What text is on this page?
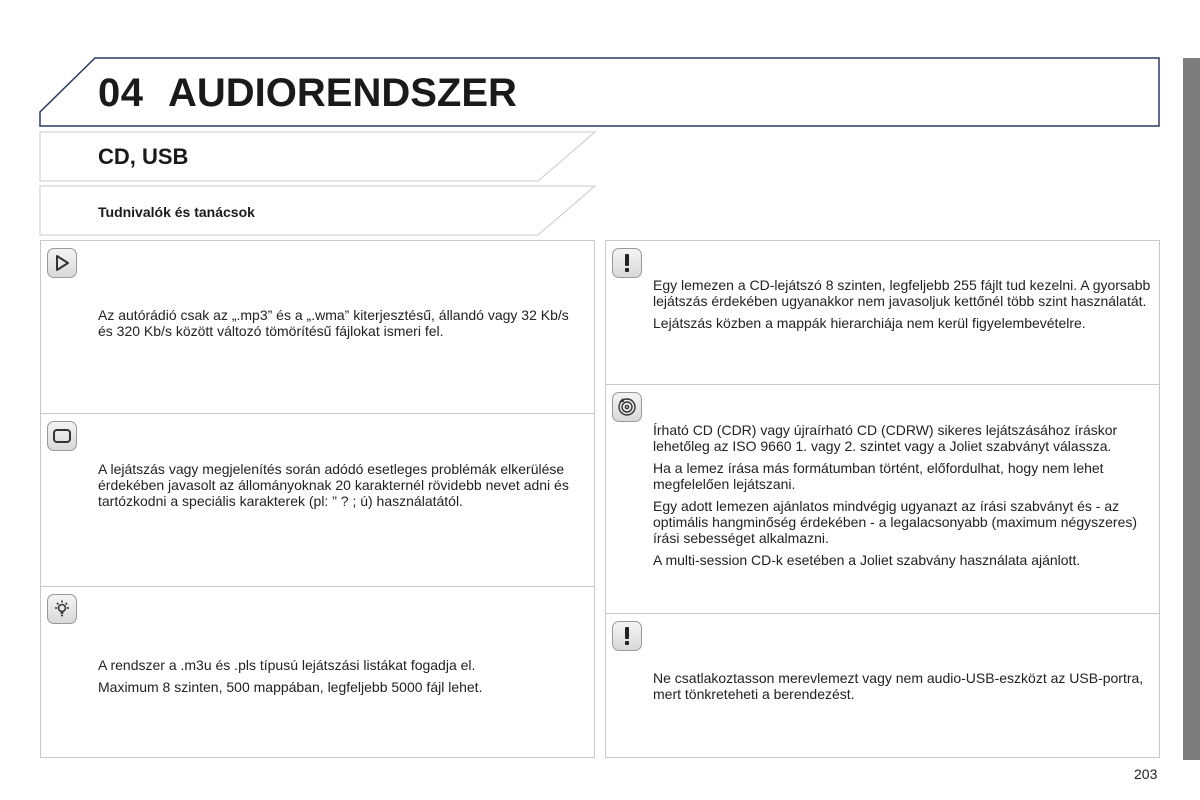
04 AUDIORENDSZER
CD, USB
Tudnivalók és tanácsok

Az autórádió csak az „.mp3” és a „.wma” kiterjesztésű, állandó vagy 32 Kb/s és 320 Kb/s között változó tömörítésű fájlokat ismeri fel.

A lejátszás vagy megjelenítés során adódó esetleges problémák elkerülése érdekében javasolt az állományoknak 20 karakternél rövidebb nevet adni és tartózkodni a speciális karakterek (pl: ” ? ; ú) használatától.

A rendszer a .m3u és .pls típusú lejátszási listákat fogadja el.

Maximum 8 szinten, 500 mappában, legfeljebb 5000 fájl lehet.

Egy lemezen a CD-lejátszó 8 szinten, legfeljebb 255 fájlt tud kezelni. A gyorsabb lejátszás érdekében ugyanakkor nem javasoljuk kettőnél több szint használatát.

Lejátszás közben a mappák hierarchiája nem kerül figyelembevételre.

Írható CD (CDR) vagy újraírható CD (CDRW) sikeres lejátszásához íráskor lehetőleg az ISO 9660 1. vagy 2. szintet vagy a Joliet szabványt válassza.

Ha a lemez írása más formátumban történt, előfordulhat, hogy nem lehet megfelelően lejátszani.

Egy adott lemezen ajánlatos mindvégig ugyanazt az írási szabványt és - az optimális hangminőség érdekében - a legalacsonyabb (maximum négyszeres) írási sebességet alkalmazni.

A multi-session CD-k esetében a Joliet szabvány használata ajánlott.

Ne csatlakoztasson merevlemezt vagy nem audio-USB-eszközt az USB-portra, mert tönkreteheti a berendezést.

203
